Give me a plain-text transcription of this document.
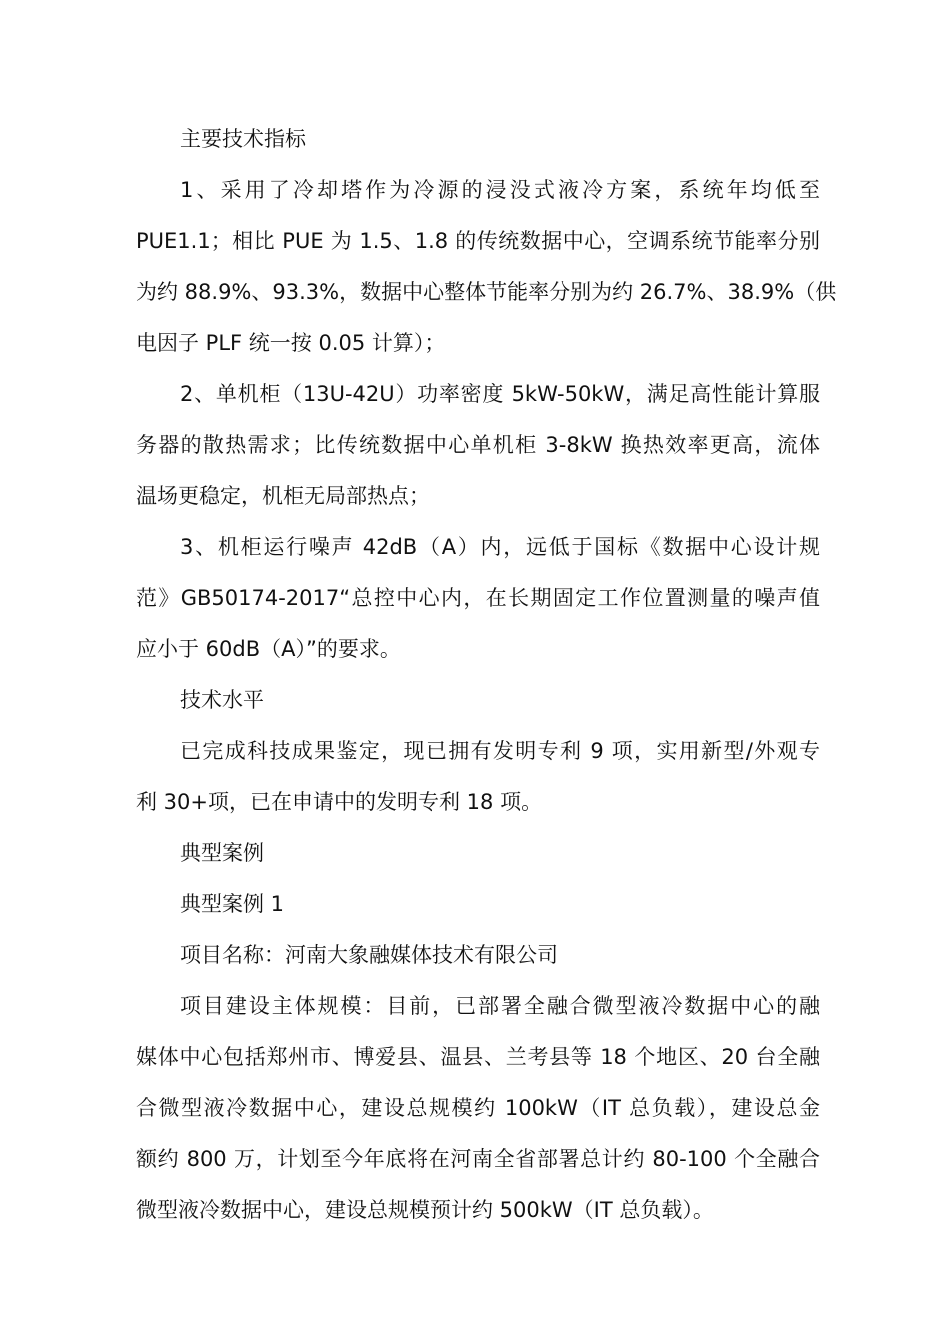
主要技术指标
1、采用了冷却塔作为冷源的浸没式液冷方案，系统年均低至
PUE1.1；相比 PUE 为 1.5、1.8 的传统数据中心，空调系统节能率分别
为约 88.9%、93.3%，数据中心整体节能率分别为约 26.7%、38.9%（供
电因子 PLF 统一按 0.05 计算）；
2、单机柜（13U-42U）功率密度 5kW-50kW，满足高性能计算服
务器的散热需求；比传统数据中心单机柜 3-8kW 换热效率更高，流体
温场更稳定，机柜无局部热点；
3、机柜运行噪声 42dB（A）内，远低于国标《数据中心设计规
范》GB50174-2017“总控中心内，在长期固定工作位置测量的噪声值
应小于 60dB（A）”的要求。
技术水平
已完成科技成果鉴定，现已拥有发明专利 9 项，实用新型/外观专
利 30+项，已在申请中的发明专利 18 项。
典型案例
典型案例 1
项目名称：河南大象融媒体技术有限公司
项目建设主体规模：目前，已部署全融合微型液冷数据中心的融
媒体中心包括郑州市、博爱县、温县、兰考县等 18 个地区、20 台全融
合微型液冷数据中心，建设总规模约 100kW（IT 总负载），建设总金
额约 800 万，计划至今年底将在河南全省部署总计约 80-100 个全融合
微型液冷数据中心，建设总规模预计约 500kW（IT 总负载）。
